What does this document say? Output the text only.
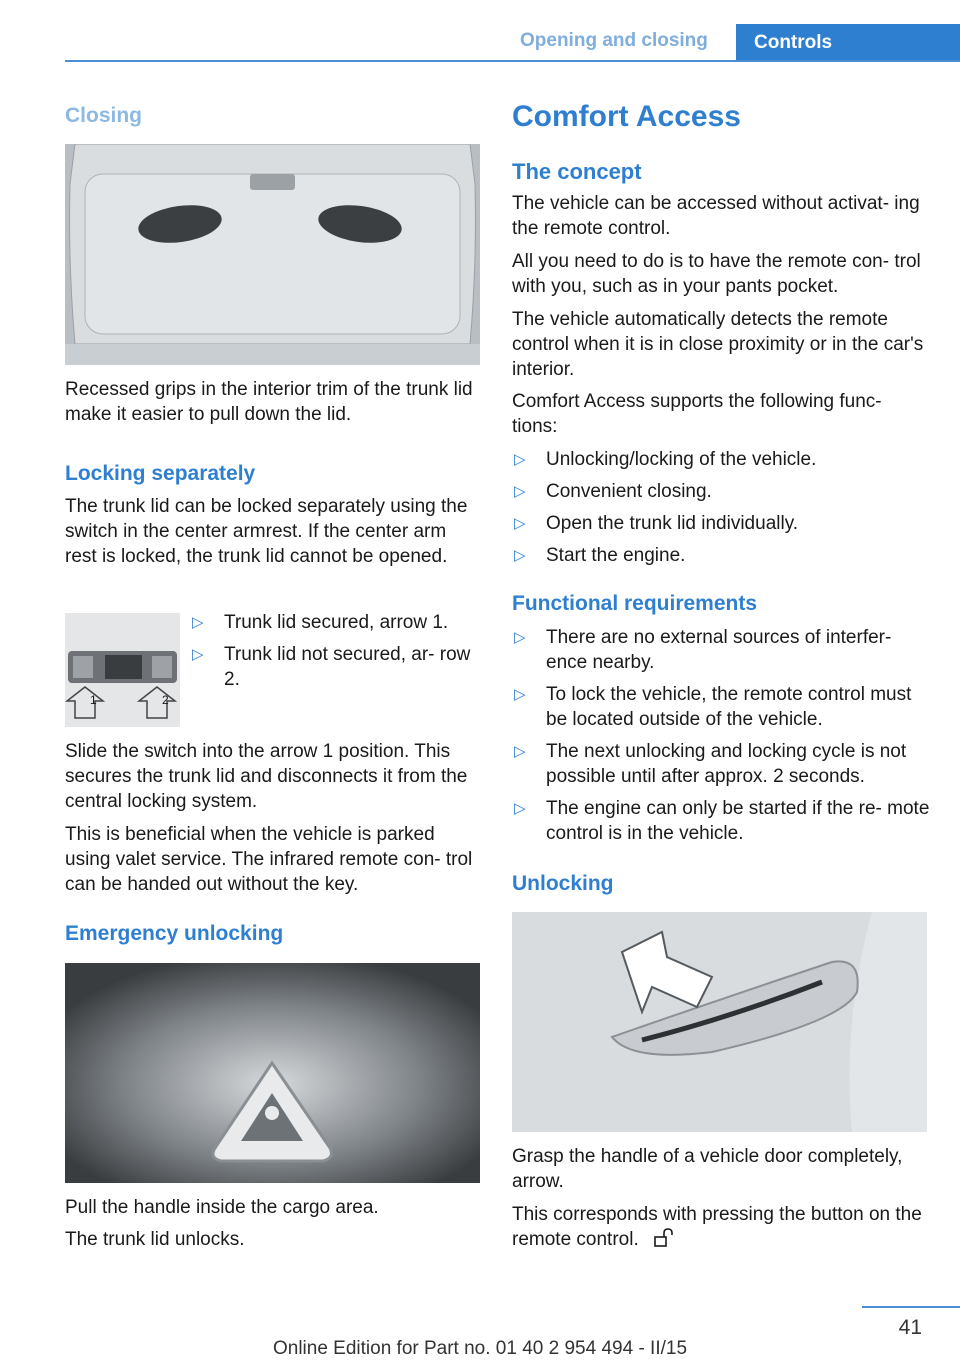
Opening and closing	Controls
Closing
Recessed grips in the interior trim of the trunk lid make it easier to pull down the lid.
Locking separately
The trunk lid can be locked separately using the switch in the center armrest. If the center arm rest is locked, the trunk lid cannot be opened.
1	2
▷ Trunk lid secured, arrow 1.
▷ Trunk lid not secured, ar‐ row 2.
Slide the switch into the arrow 1 position. This secures the trunk lid and disconnects it from the central locking system.
This is beneficial when the vehicle is parked using valet service. The infrared remote con‐ trol can be handed out without the key.
Emergency unlocking
Pull the handle inside the cargo area.
The trunk lid unlocks.
Comfort Access
The concept
The vehicle can be accessed without activat‐ ing the remote control.
All you need to do is to have the remote con‐ trol with you, such as in your pants pocket.
The vehicle automatically detects the remote control when it is in close proximity or in the car's interior.
Comfort Access supports the following func‐ tions:
▷ Unlocking/locking of the vehicle.
▷ Convenient closing.
▷ Open the trunk lid individually.
▷ Start the engine.
Functional requirements
▷ There are no external sources of interfer‐ ence nearby.
▷ To lock the vehicle, the remote control must be located outside of the vehicle.
▷ The next unlocking and locking cycle is not possible until after approx. 2 seconds.
▷ The engine can only be started if the re‐ mote control is in the vehicle.
Unlocking
Grasp the handle of a vehicle door completely, arrow.
This corresponds with pressing the button on the remote control.
41
Online Edition for Part no. 01 40 2 954 494 - II/15
